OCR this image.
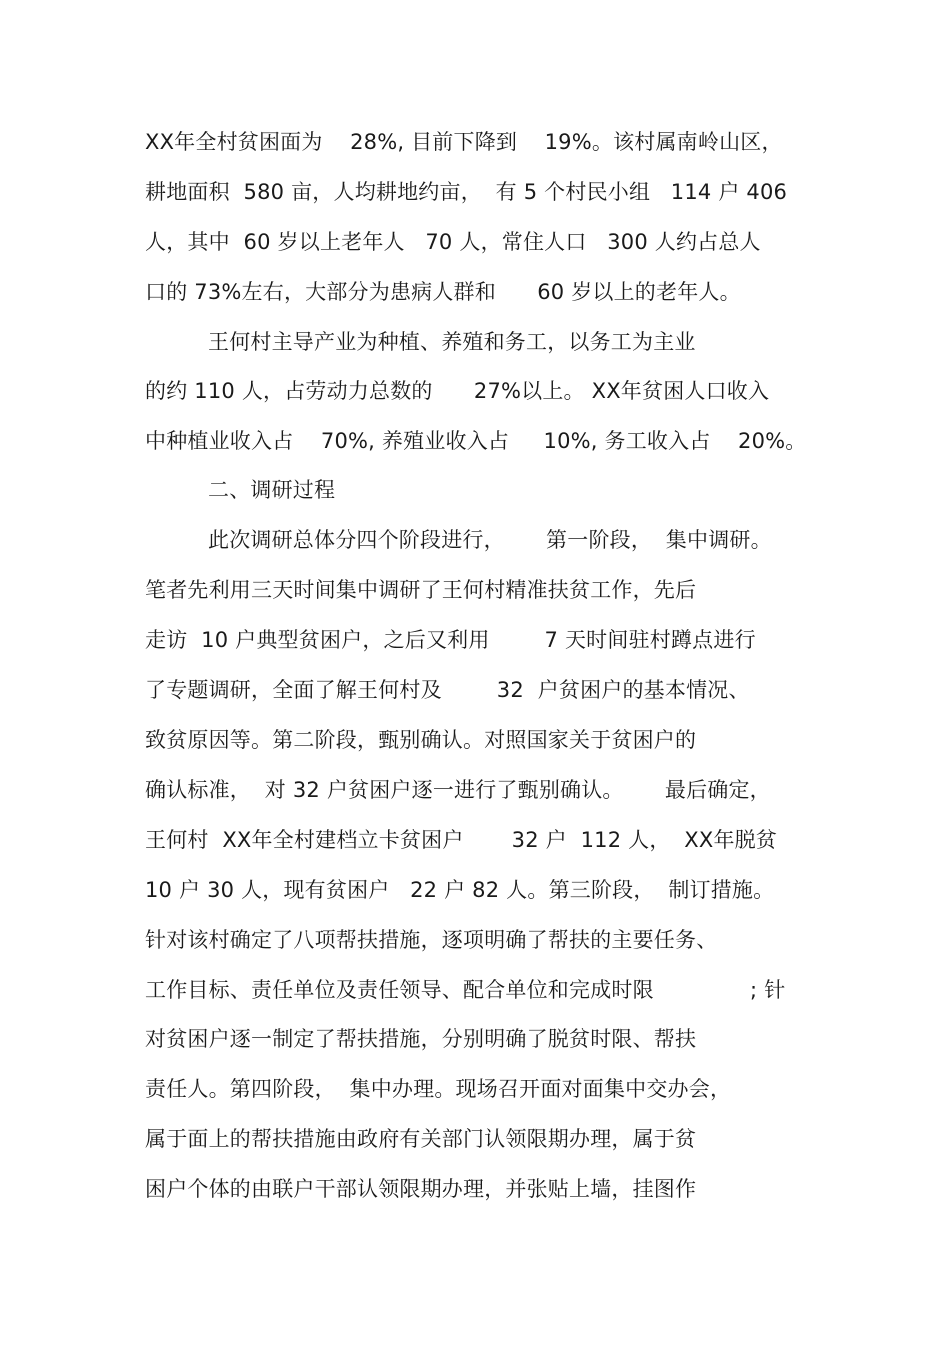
XX年全村贫困面为    28%, 目前下降到    19%。该村属南岭山区，
耕地面积  580 亩，人均耕地约亩，  有 5 个村民小组   114 户 406
人，其中  60 岁以上老年人   70 人，常住人口   300 人约占总人
口的 73%左右，大部分为患病人群和      60 岁以上的老年人。
王何村主导产业为种植、养殖和务工，以务工为主业
的约 110 人，占劳动力总数的      27%以上。 XX年贫困人口收入
中种植业收入占    70%, 养殖业收入占     10%, 务工收入占    20%。
二、调研过程
此次调研总体分四个阶段进行，      第一阶段，  集中调研。
笔者先利用三天时间集中调研了王何村精准扶贫工作，先后
走访  10 户典型贫困户，之后又利用        7 天时间驻村蹲点进行
了专题调研，全面了解王何村及        32  户贫困户的基本情况、
致贫原因等。第二阶段，甄别确认。对照国家关于贫困户的
确认标准，  对 32 户贫困户逐一进行了甄别确认。      最后确定，
王何村  XX年全村建档立卡贫困户       32 户  112 人，  XX年脱贫
10 户 30 人，现有贫困户   22 户 82 人。第三阶段，  制订措施。
针对该村确定了八项帮扶措施，逐项明确了帮扶的主要任务、
工作目标、责任单位及责任领导、配合单位和完成时限              ; 针
对贫困户逐一制定了帮扶措施，分别明确了脱贫时限、帮扶
责任人。第四阶段，  集中办理。现场召开面对面集中交办会，
属于面上的帮扶措施由政府有关部门认领限期办理，属于贫
困户个体的由联户干部认领限期办理，并张贴上墙，挂图作
